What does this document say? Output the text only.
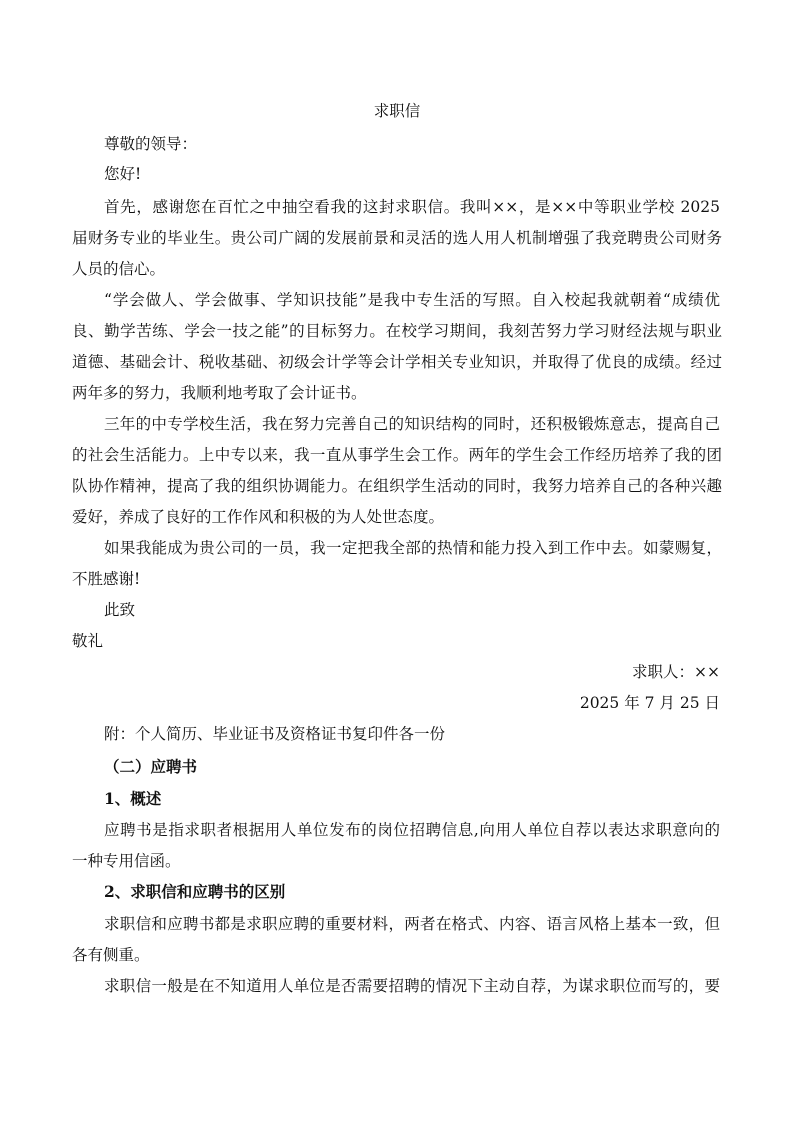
求职信
尊敬的领导：
您好!
首先，感谢您在百忙之中抽空看我的这封求职信。我叫××，是××中等职业学校 2025
届财务专业的毕业生。贵公司广阔的发展前景和灵活的选人用人机制增强了我竞聘贵公司财务
人员的信心。
“学会做人、学会做事、学知识技能”是我中专生活的写照。自入校起我就朝着“成绩优
良、勤学苦练、学会一技之能”的目标努力。在校学习期间，我刻苦努力学习财经法规与职业
道德、基础会计、税收基础、初级会计学等会计学相关专业知识，并取得了优良的成绩。经过
两年多的努力，我顺利地考取了会计证书。
三年的中专学校生活，我在努力完善自己的知识结构的同时，还积极锻炼意志，提高自己
的社会生活能力。上中专以来，我一直从事学生会工作。两年的学生会工作经历培养了我的团
队协作精神，提高了我的组织协调能力。在组织学生活动的同时，我努力培养自己的各种兴趣
爱好，养成了良好的工作作风和积极的为人处世态度。
如果我能成为贵公司的一员，我一定把我全部的热情和能力投入到工作中去。如蒙赐复，
不胜感谢!
此致
敬礼
求职人：××
2025 年 7 月 25 日
附：个人简历、毕业证书及资格证书复印件各一份
（二）应聘书
1、概述
应聘书是指求职者根据用人单位发布的岗位招聘信息,向用人单位自荐以表达求职意向的
一种专用信函。
2、求职信和应聘书的区别
求职信和应聘书都是求职应聘的重要材料，两者在格式、内容、语言风格上基本一致，但
各有侧重。
求职信一般是在不知道用人单位是否需要招聘的情况下主动自荐，为谋求职位而写的，要
